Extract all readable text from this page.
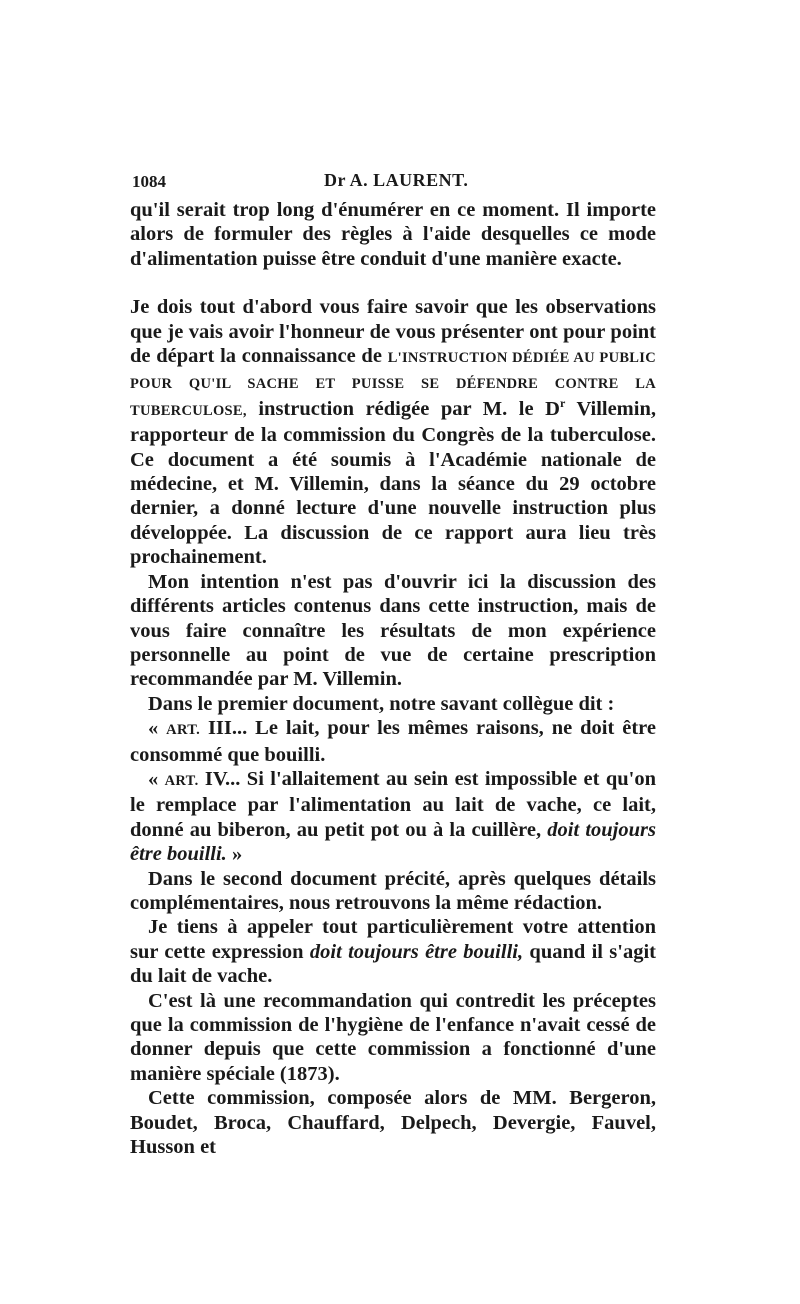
1084	Dr A. LAURENT.

qu'il serait trop long d'énumérer en ce moment. Il importe alors de formuler des règles à l'aide desquelles ce mode d'alimentation puisse être conduit d'une manière exacte.

Je dois tout d'abord vous faire savoir que les observations que je vais avoir l'honneur de vous présenter ont pour point de départ la connaissance de L'INSTRUCTION DÉDIÉE AU PUBLIC POUR QU'IL SACHE ET PUISSE SE DÉFENDRE CONTRE LA TUBERCULOSE, instruction rédigée par M. le $D^r$ Villemin, rapporteur de la commission du Congrès de la tuberculose. Ce document a été soumis à l'Académie nationale de médecine, et M. Villemin, dans la séance du 29 octobre dernier, a donné lecture d'une nouvelle instruction plus développée. La discussion de ce rapport aura lieu très prochainement.

Mon intention n'est pas d'ouvrir ici la discussion des différents articles contenus dans cette instruction, mais de vous faire connaître les résultats de mon expérience personnelle au point de vue de certaine prescription recommandée par M. Villemin.

Dans le premier document, notre savant collègue dit :

« ART. III... Le lait, pour les mêmes raisons, ne doit être consommé que bouilli.

« ART. IV... Si l'allaitement au sein est impossible et qu'on le remplace par l'alimentation au lait de vache, ce lait, donné au biberon, au petit pot ou à la cuillère, doit toujours être bouilli. »

Dans le second document précité, après quelques détails complémentaires, nous retrouvons la même rédaction.

Je tiens à appeler tout particulièrement votre attention sur cette expression doit toujours être bouilli, quand il s'agit du lait de vache.

C'est là une recommandation qui contredit les préceptes que la commission de l'hygiène de l'enfance n'avait cessé de donner depuis que cette commission a fonctionné d'une manière spéciale (1873).

Cette commission, composée alors de MM. Bergeron, Boudet, Broca, Chauffard, Delpech, Devergie, Fauvel, Husson et
